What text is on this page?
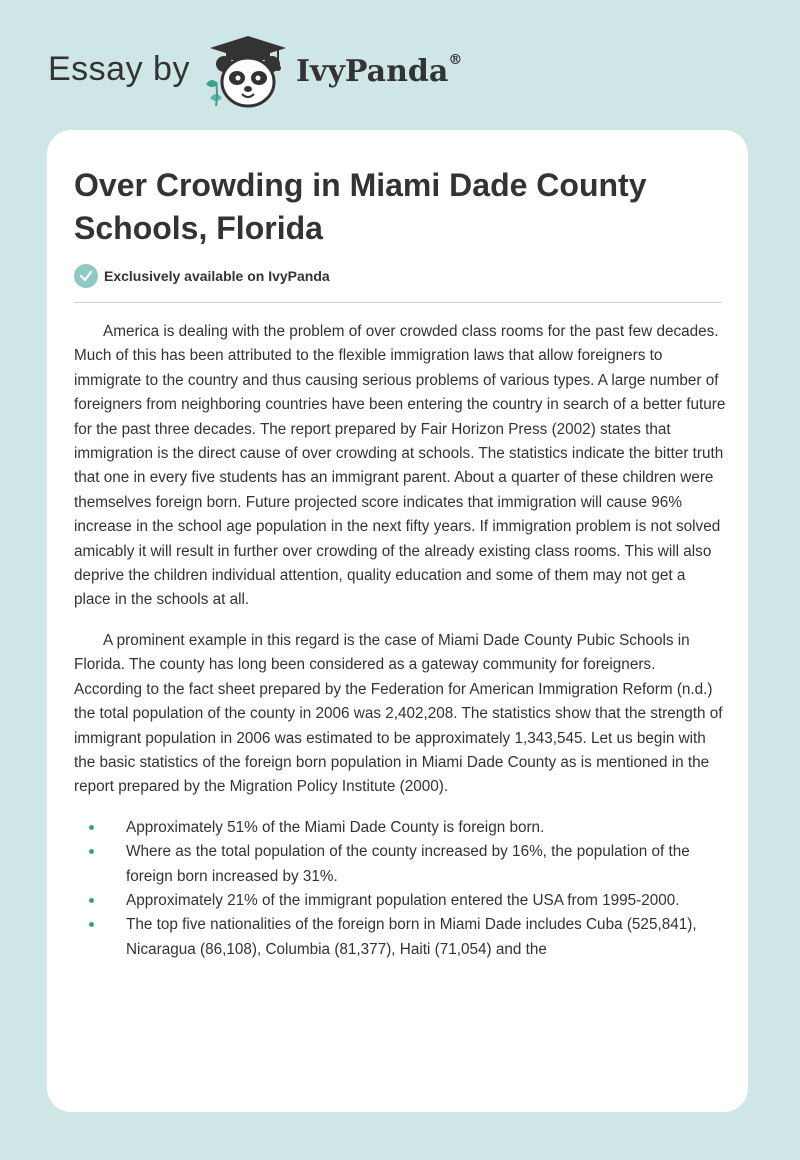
Essay by	IvyPanda®
Over Crowding in Miami Dade County Schools, Florida
Exclusively available on IvyPanda

America is dealing with the problem of over crowded class rooms for the past few decades. Much of this has been attributed to the flexible immigration laws that allow foreigners to immigrate to the country and thus causing serious problems of various types. A large number of foreigners from neighboring countries have been entering the country in search of a better future for the past three decades. The report prepared by Fair Horizon Press (2002) states that immigration is the direct cause of over crowding at schools. The statistics indicate the bitter truth that one in every five students has an immigrant parent. About a quarter of these children were themselves foreign born. Future projected score indicates that immigration will cause 96% increase in the school age population in the next fifty years. If immigration problem is not solved amicably it will result in further over crowding of the already existing class rooms. This will also deprive the children individual attention, quality education and some of them may not get a place in the schools at all.

A prominent example in this regard is the case of Miami Dade County Pubic Schools in Florida. The county has long been considered as a gateway community for foreigners. According to the fact sheet prepared by the Federation for American Immigration Reform (n.d.) the total population of the county in 2006 was 2,402,208. The statistics show that the strength of immigrant population in 2006 was estimated to be approximately 1,343,545. Let us begin with the basic statistics of the foreign born population in Miami Dade County as is mentioned in the report prepared by the Migration Policy Institute (2000).

Approximately 51% of the Miami Dade County is foreign born.
Where as the total population of the county increased by 16%, the population of the foreign born increased by 31%.
Approximately 21% of the immigrant population entered the USA from 1995-2000.
The top five nationalities of the foreign born in Miami Dade includes Cuba (525,841), Nicaragua (86,108), Columbia (81,377), Haiti (71,054) and the
